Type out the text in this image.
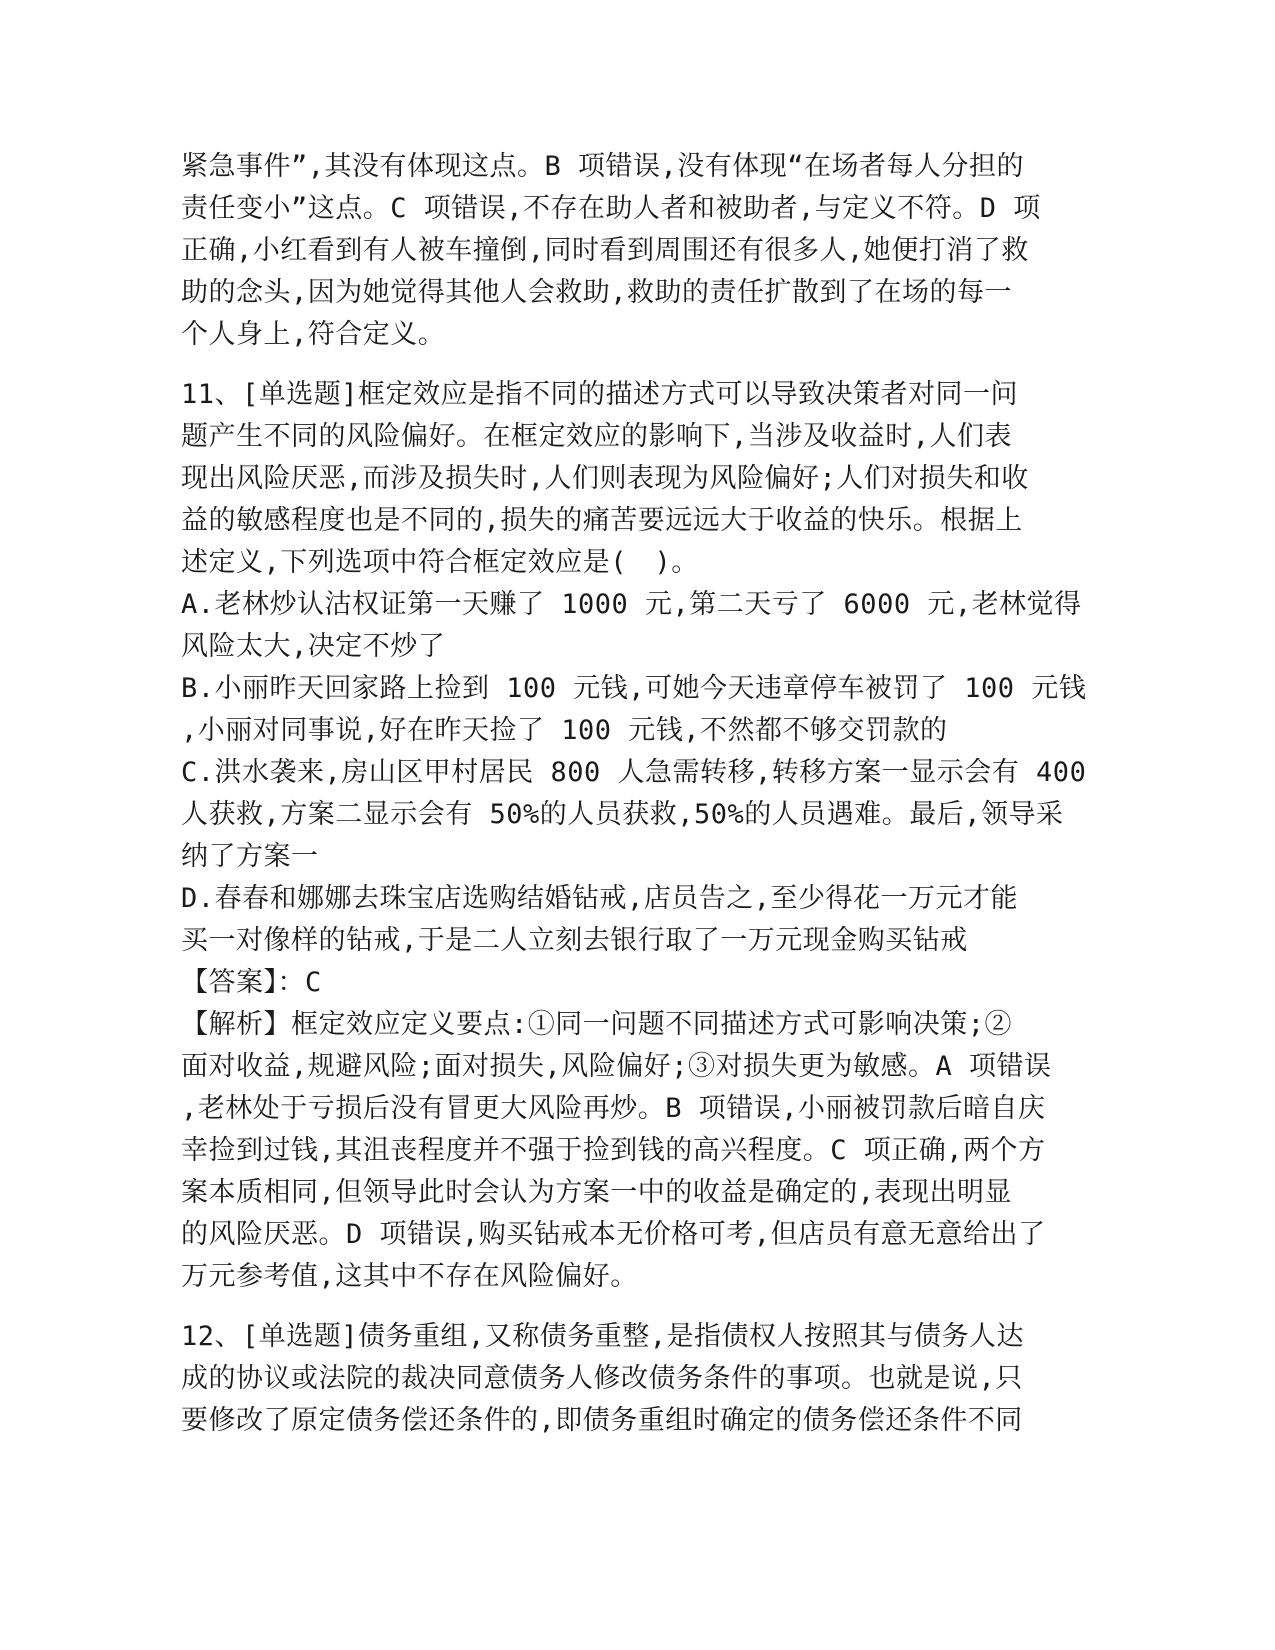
紧急事件”,其没有体现这点。B 项错误,没有体现“在场者每人分担的
责任变小”这点。C 项错误,不存在助人者和被助者,与定义不符。D 项
正确,小红看到有人被车撞倒,同时看到周围还有很多人,她便打消了救
助的念头,因为她觉得其他人会救助,救助的责任扩散到了在场的每一
个人身上,符合定义。
11、[单选题]框定效应是指不同的描述方式可以导致决策者对同一问
题产生不同的风险偏好。在框定效应的影响下,当涉及收益时,人们表
现出风险厌恶,而涉及损失时,人们则表现为风险偏好;人们对损失和收
益的敏感程度也是不同的,损失的痛苦要远远大于收益的快乐。根据上
述定义,下列选项中符合框定效应是(　)。
A.老林炒认沽权证第一天赚了 1000 元,第二天亏了 6000 元,老林觉得
风险太大,决定不炒了
B.小丽昨天回家路上捡到 100 元钱,可她今天违章停车被罚了 100 元钱
,小丽对同事说,好在昨天捡了 100 元钱,不然都不够交罚款的
C.洪水袭来,房山区甲村居民 800 人急需转移,转移方案一显示会有 400
人获救,方案二显示会有 50%的人员获救,50%的人员遇难。最后,领导采
纳了方案一
D.春春和娜娜去珠宝店选购结婚钻戒,店员告之,至少得花一万元才能
买一对像样的钻戒,于是二人立刻去银行取了一万元现金购买钻戒
【答案】：C
【解析】框定效应定义要点:①同一问题不同描述方式可影响决策;②
面对收益,规避风险;面对损失,风险偏好;③对损失更为敏感。A 项错误
,老林处于亏损后没有冒更大风险再炒。B 项错误,小丽被罚款后暗自庆
幸捡到过钱,其沮丧程度并不强于捡到钱的高兴程度。C 项正确,两个方
案本质相同,但领导此时会认为方案一中的收益是确定的,表现出明显
的风险厌恶。D 项错误,购买钻戒本无价格可考,但店员有意无意给出了
万元参考值,这其中不存在风险偏好。
12、[单选题]债务重组,又称债务重整,是指债权人按照其与债务人达
成的协议或法院的裁决同意债务人修改债务条件的事项。也就是说,只
要修改了原定债务偿还条件的,即债务重组时确定的债务偿还条件不同
